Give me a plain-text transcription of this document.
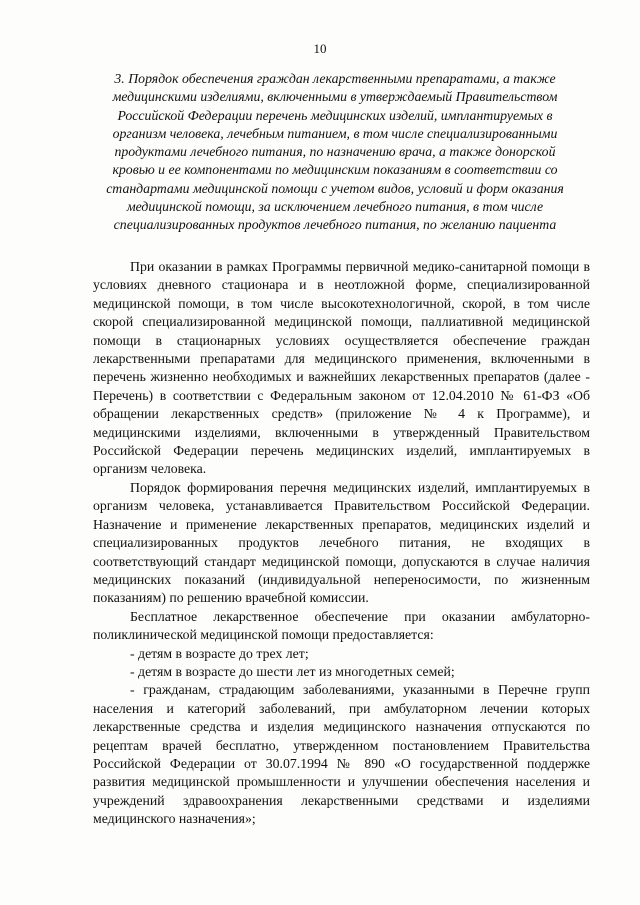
10
3. Порядок обеспечения граждан лекарственными препаратами, а также медицинскими изделиями, включенными в утверждаемый Правительством Российской Федерации перечень медицинских изделий, имплантируемых в организм человека, лечебным питанием, в том числе специализированными продуктами лечебного питания, по назначению врача, а также донорской кровью и ее компонентами по медицинским показаниям в соответствии со стандартами медицинской помощи с учетом видов, условий и форм оказания медицинской помощи, за исключением лечебного питания, в том числе специализированных продуктов лечебного питания, по желанию пациента

При оказании в рамках Программы первичной медико-санитарной помощи в условиях дневного стационара и в неотложной форме, специализированной медицинской помощи, в том числе высокотехнологичной, скорой, в том числе скорой специализированной медицинской помощи, паллиативной медицинской помощи в стационарных условиях осуществляется обеспечение граждан лекарственными препаратами для медицинского применения, включенными в перечень жизненно необходимых и важнейших лекарственных препаратов (далее - Перечень) в соответствии с Федеральным законом от 12.04.2010 № 61-ФЗ «Об обращении лекарственных средств» (приложение № 4 к Программе), и медицинскими изделиями, включенными в утвержденный Правительством Российской Федерации перечень медицинских изделий, имплантируемых в организм человека.

Порядок формирования перечня медицинских изделий, имплантируемых в организм человека, устанавливается Правительством Российской Федерации. Назначение и применение лекарственных препаратов, медицинских изделий и специализированных продуктов лечебного питания, не входящих в соответствующий стандарт медицинской помощи, допускаются в случае наличия медицинских показаний (индивидуальной непереносимости, по жизненным показаниям) по решению врачебной комиссии.

Бесплатное лекарственное обеспечение при оказании амбулаторно-поликлинической медицинской помощи предоставляется:

- детям в возрасте до трех лет;

- детям в возрасте до шести лет из многодетных семей;

- гражданам, страдающим заболеваниями, указанными в Перечне групп населения и категорий заболеваний, при амбулаторном лечении которых лекарственные средства и изделия медицинского назначения отпускаются по рецептам врачей бесплатно, утвержденном постановлением Правительства Российской Федерации от 30.07.1994 № 890 «О государственной поддержке развития медицинской промышленности и улучшении обеспечения населения и учреждений здравоохранения лекарственными средствами и изделиями медицинского назначения»;
